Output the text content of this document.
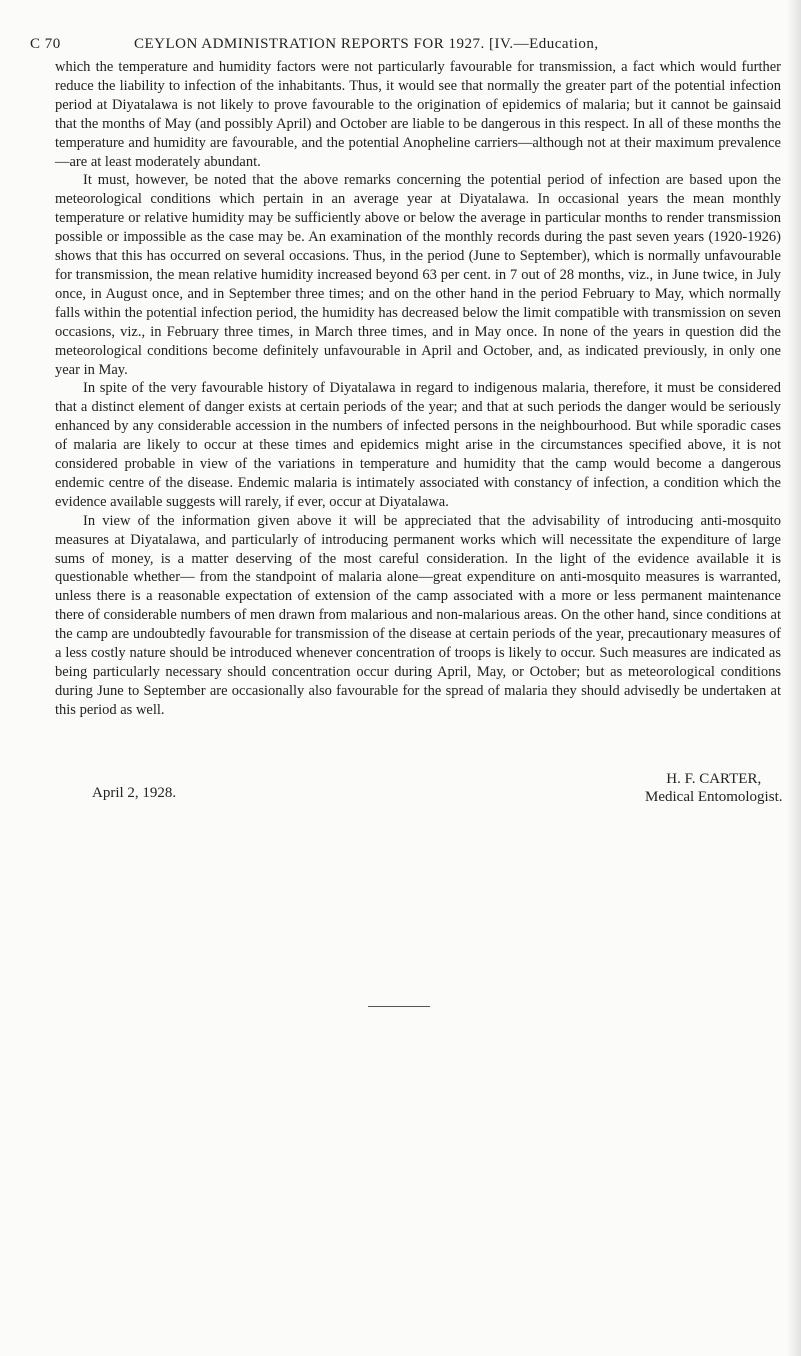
C 70	CEYLON ADMINISTRATION REPORTS FOR 1927. [IV.—Education,

which the temperature and humidity factors were not particularly favourable for transmission, a fact which would further reduce the liability to infection of the inhabitants. Thus, it would see that normally the greater part of the potential infection period at Diyatalawa is not likely to prove favourable to the origination of epidemics of malaria; but it cannot be gainsaid that the months of May (and possibly April) and October are liable to be dangerous in this respect. In all of these months the temperature and humidity are favourable, and the potential Anopheline carriers—although not at their maximum prevalence—are at least moderately abundant.

It must, however, be noted that the above remarks concerning the potential period of infection are based upon the meteorological conditions which pertain in an average year at Diyatalawa. In occasional years the mean monthly temperature or relative humidity may be sufficiently above or below the average in particular months to render transmission possible or impossible as the case may be. An examination of the monthly records during the past seven years (1920-1926) shows that this has occurred on several occasions. Thus, in the period (June to September), which is normally unfavourable for transmission, the mean relative humidity increased beyond 63 per cent. in 7 out of 28 months, viz., in June twice, in July once, in August once, and in September three times; and on the other hand in the period February to May, which normally falls within the potential infection period, the humidity has decreased below the limit compatible with transmission on seven occasions, viz., in February three times, in March three times, and in May once. In none of the years in question did the meteorological conditions become definitely unfavourable in April and October, and, as indicated previously, in only one year in May.

In spite of the very favourable history of Diyatalawa in regard to indigenous malaria, therefore, it must be considered that a distinct element of danger exists at certain periods of the year; and that at such periods the danger would be seriously enhanced by any considerable accession in the numbers of infected persons in the neighbourhood. But while sporadic cases of malaria are likely to occur at these times and epidemics might arise in the circumstances specified above, it is not considered probable in view of the variations in temperature and humidity that the camp would become a dangerous endemic centre of the disease. Endemic malaria is intimately associated with constancy of infection, a condition which the evidence available suggests will rarely, if ever, occur at Diyatalawa.

In view of the information given above it will be appreciated that the advisability of introducing anti-mosquito measures at Diyatalawa, and particularly of introducing permanent works which will necessitate the expenditure of large sums of money, is a matter deserving of the most careful consideration. In the light of the evidence available it is questionable whether— from the standpoint of malaria alone—great expenditure on anti-mosquito measures is warranted, unless there is a reasonable expectation of extension of the camp associated with a more or less permanent maintenance there of considerable numbers of men drawn from malarious and non-malarious areas. On the other hand, since conditions at the camp are undoubtedly favourable for transmission of the disease at certain periods of the year, precautionary measures of a less costly nature should be introduced whenever concentration of troops is likely to occur. Such measures are indicated as being particularly necessary should concentration occur during April, May, or October; but as meteorological conditions during June to September are occasionally also favourable for the spread of malaria they should advisedly be undertaken at this period as well.

April 2, 1928.
H. F. CARTER,
Medical Entomologist.
